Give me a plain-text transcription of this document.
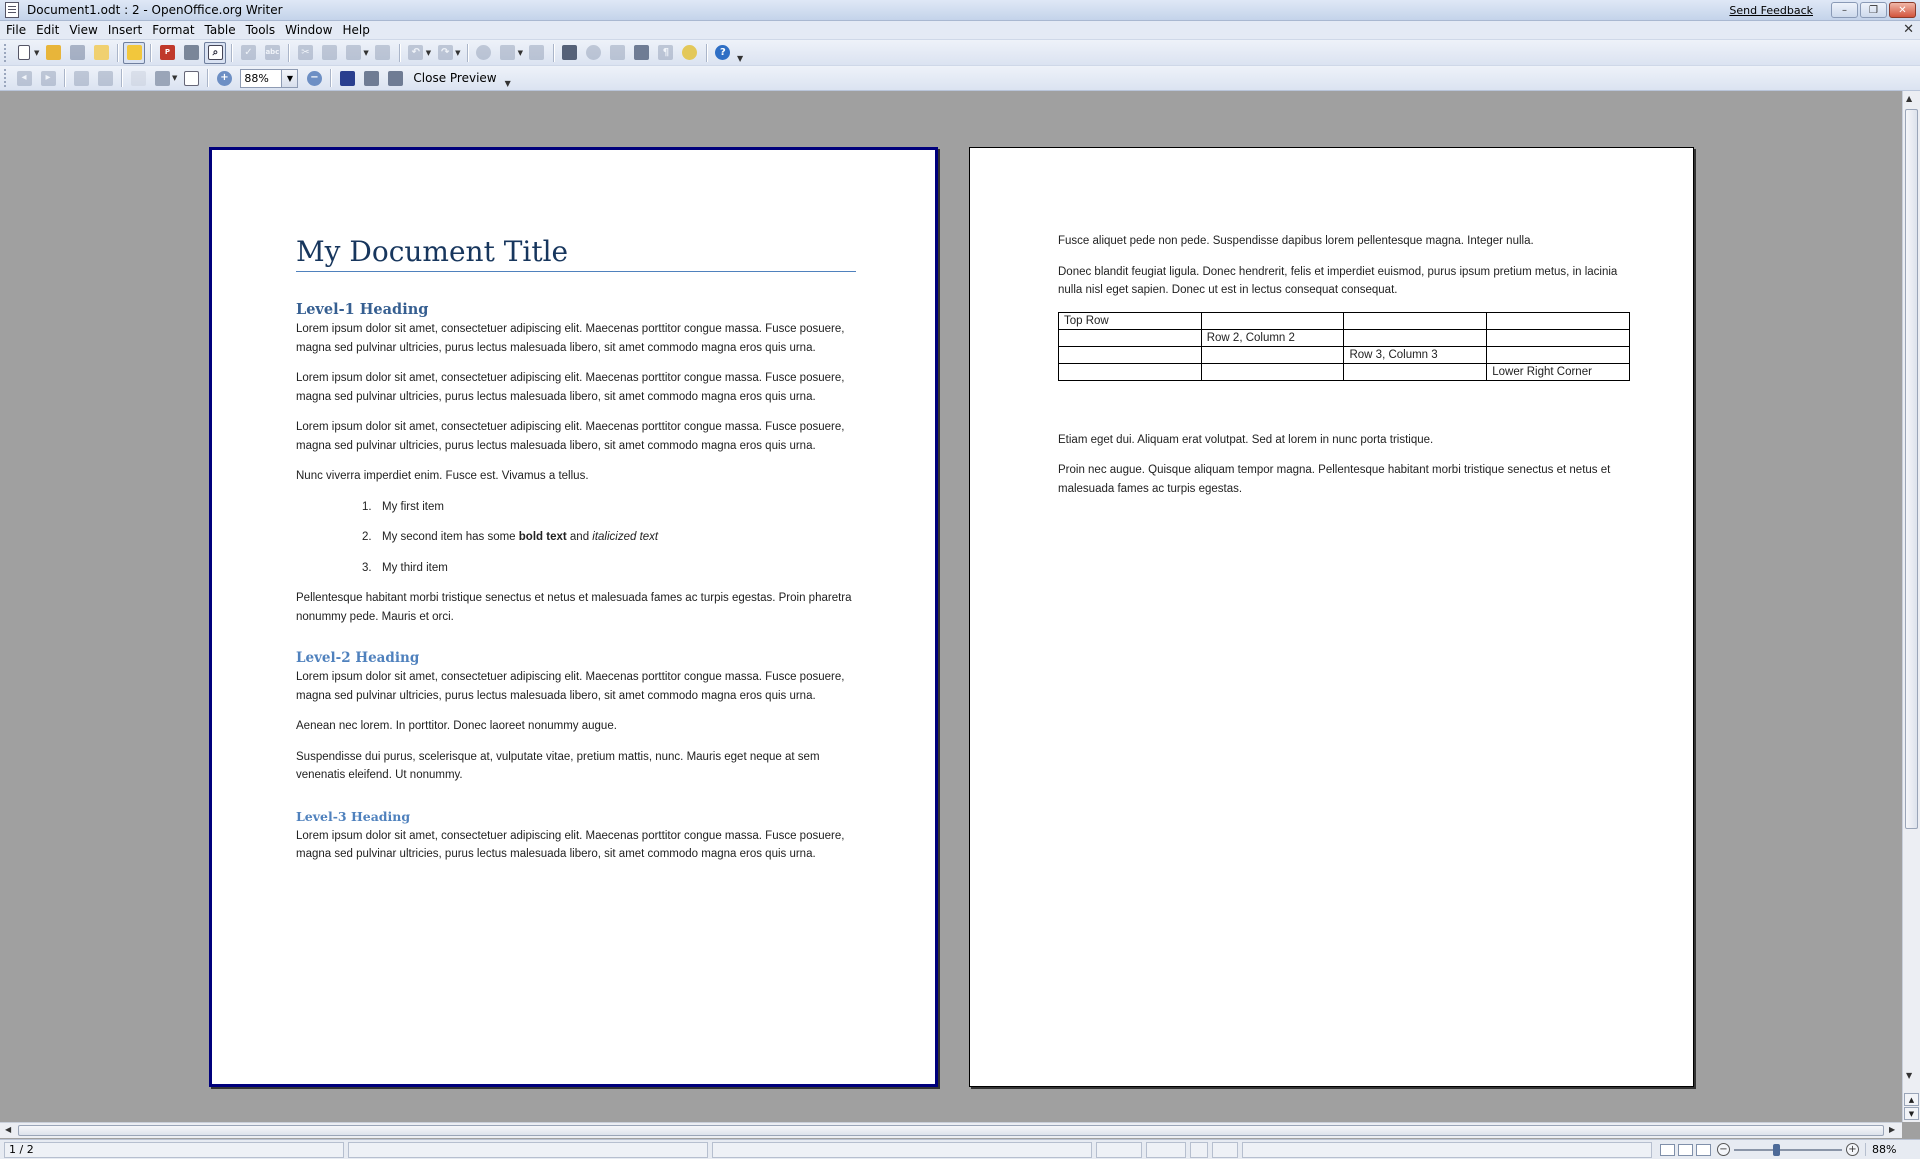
Document1.odt : 2 - OpenOffice.org Writer	Send Feedback	–	❐	✕
File Edit View Insert Format Table Tools Window Help	✕
▼	P	⌕	✓	abc	✂	▼	↶ ▼ ↷ ▼	▼	¶	?
▼
◂	▸	▼	+	88%	▼	−	Close Preview	▼
My Document Title
Level-1 Heading
Lorem ipsum dolor sit amet, consectetuer adipiscing elit. Maecenas porttitor congue massa. Fusce posuere, magna sed pulvinar ultricies, purus lectus malesuada libero, sit amet commodo magna eros quis urna.
Lorem ipsum dolor sit amet, consectetuer adipiscing elit. Maecenas porttitor congue massa. Fusce posuere, magna sed pulvinar ultricies, purus lectus malesuada libero, sit amet commodo magna eros quis urna.
Lorem ipsum dolor sit amet, consectetuer adipiscing elit. Maecenas porttitor congue massa. Fusce posuere, magna sed pulvinar ultricies, purus lectus malesuada libero, sit amet commodo magna eros quis urna.
Nunc viverra imperdiet enim. Fusce est. Vivamus a tellus.
1. My first item
2. My second item has some bold text and italicized text
3. My third item
Pellentesque habitant morbi tristique senectus et netus et malesuada fames ac turpis egestas. Proin pharetra nonummy pede. Mauris et orci.
Level-2 Heading
Lorem ipsum dolor sit amet, consectetuer adipiscing elit. Maecenas porttitor congue massa. Fusce posuere, magna sed pulvinar ultricies, purus lectus malesuada libero, sit amet commodo magna eros quis urna.
Aenean nec lorem. In porttitor. Donec laoreet nonummy augue.
Suspendisse dui purus, scelerisque at, vulputate vitae, pretium mattis, nunc. Mauris eget neque at sem venenatis eleifend. Ut nonummy.
Level-3 Heading
Lorem ipsum dolor sit amet, consectetuer adipiscing elit. Maecenas porttitor congue massa. Fusce posuere, magna sed pulvinar ultricies, purus lectus malesuada libero, sit amet commodo magna eros quis urna.
Fusce aliquet pede non pede. Suspendisse dapibus lorem pellentesque magna. Integer nulla.
Donec blandit feugiat ligula. Donec hendrerit, felis et imperdiet euismod, purus ipsum pretium metus, in lacinia nulla nisl eget sapien. Donec ut est in lectus consequat consequat.
Top Row			
	Row 2, Column 2		
		Row 3, Column 3	
			Lower Right Corner
Etiam eget dui. Aliquam erat volutpat. Sed at lorem in nunc porta tristique.
Proin nec augue. Quisque aliquam tempor magna. Pellentesque habitant morbi tristique senectus et netus et malesuada fames ac turpis egestas.
▲
▼
▲
▼
◀	▶
1 / 2	−	+	88%
